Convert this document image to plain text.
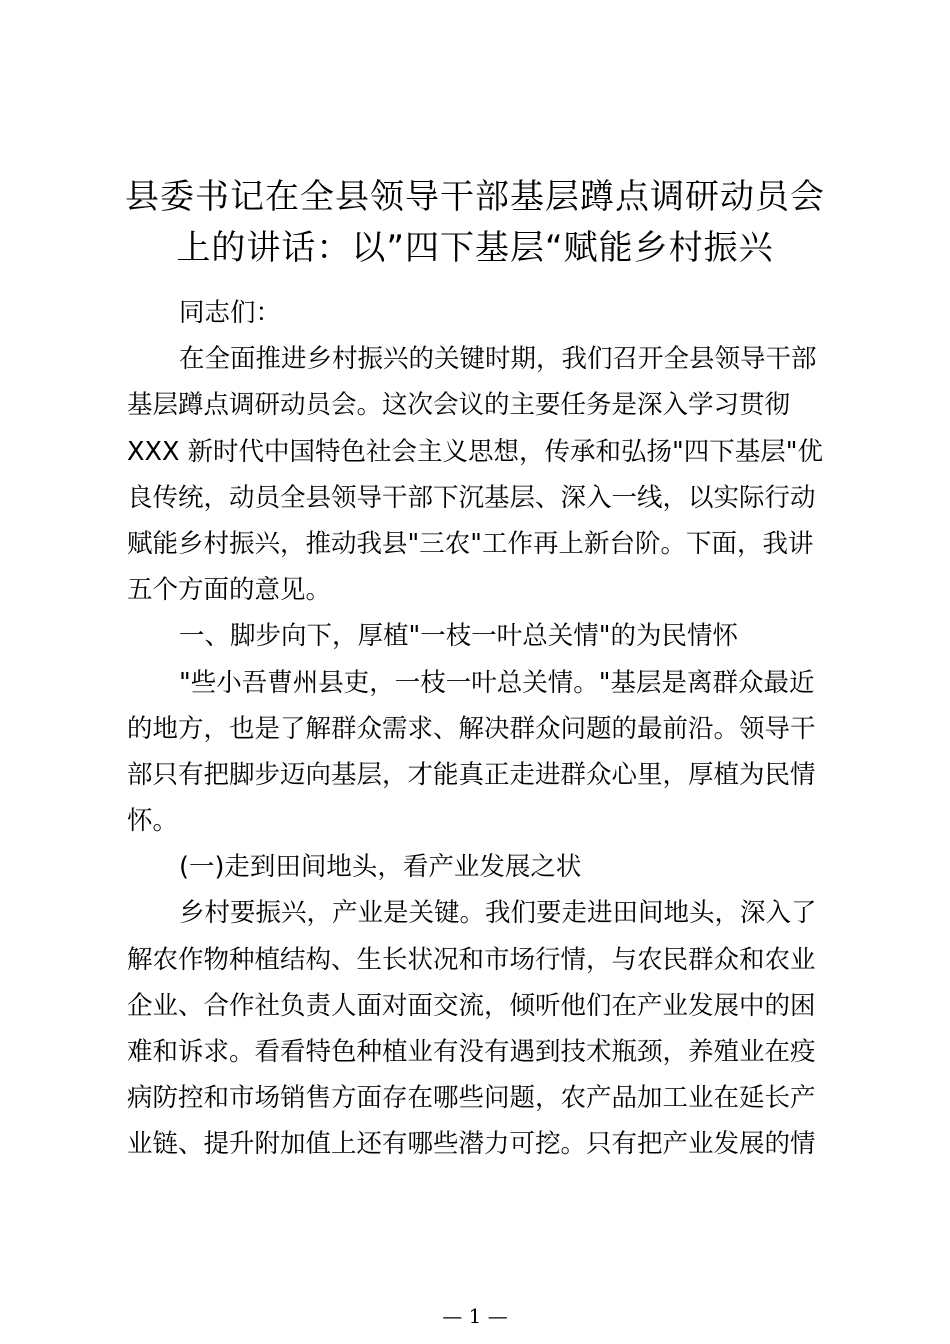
县委书记在全县领导干部基层蹲点调研动员会
上的讲话：以”四下基层“赋能乡村振兴
同志们：
在全面推进乡村振兴的关键时期，我们召开全县领导干部
基层蹲点调研动员会。这次会议的主要任务是深入学习贯彻
XXX 新时代中国特色社会主义思想，传承和弘扬"四下基层"优
良传统，动员全县领导干部下沉基层、深入一线，以实际行动
赋能乡村振兴，推动我县"三农"工作再上新台阶。下面，我讲
五个方面的意见。
一、脚步向下，厚植"一枝一叶总关情"的为民情怀
"些小吾曹州县吏，一枝一叶总关情。"基层是离群众最近
的地方，也是了解群众需求、解决群众问题的最前沿。领导干
部只有把脚步迈向基层，才能真正走进群众心里，厚植为民情
怀。
(一)走到田间地头，看产业发展之状
乡村要振兴，产业是关键。我们要走进田间地头，深入了
解农作物种植结构、生长状况和市场行情，与农民群众和农业
企业、合作社负责人面对面交流，倾听他们在产业发展中的困
难和诉求。看看特色种植业有没有遇到技术瓶颈，养殖业在疫
病防控和市场销售方面存在哪些问题，农产品加工业在延长产
业链、提升附加值上还有哪些潜力可挖。只有把产业发展的情
— 1 —
